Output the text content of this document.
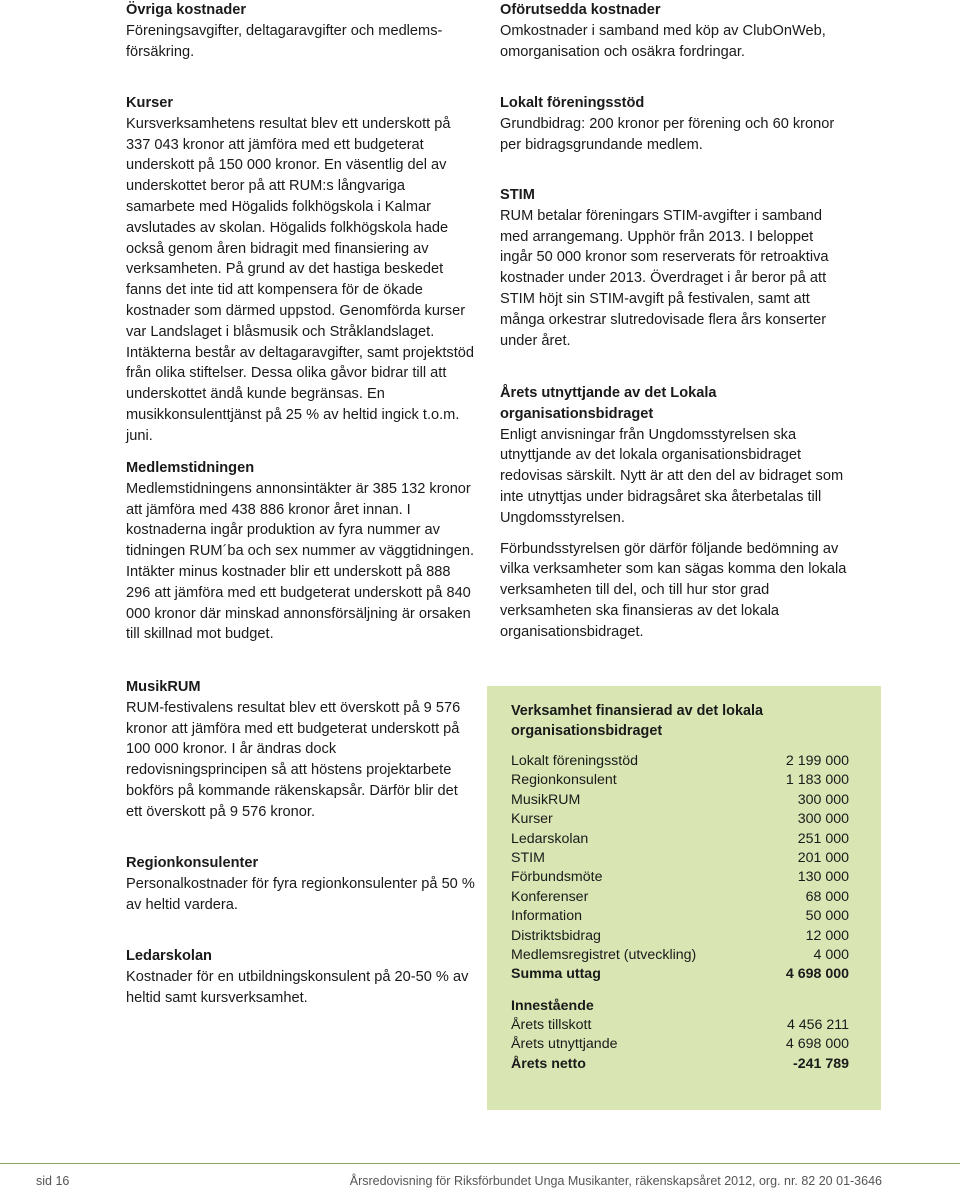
Övriga kostnader

Föreningsavgifter, deltagaravgifter och medlems-försäkring.

Kurser

Kursverksamhetens resultat blev ett underskott på 337 043 kronor att jämföra med ett budgeterat underskott på 150 000 kronor. En väsentlig del av underskottet beror på att RUM:s långvariga samarbete med Högalids folkhögskola i Kalmar avslutades av skolan. Högalids folkhögskola hade också genom åren bidragit med finansiering av verksamheten. På grund av det hastiga beskedet fanns det inte tid att kompensera för de ökade kostnader som därmed uppstod. Genomförda kurser var Landslaget i blåsmusik och Stråklandslaget. Intäkterna består av deltagaravgifter, samt projektstöd från olika stiftelser. Dessa olika gåvor bidrar till att underskottet ändå kunde begränsas. En musikkonsulenttjänst på 25 % av heltid ingick t.o.m. juni.

Medlemstidningen

Medlemstidningens annonsintäkter är 385 132 kronor att jämföra med 438 886 kronor året innan. I kostnaderna ingår produktion av fyra nummer av tidningen RUM´ba och sex nummer av väggtidningen. Intäkter minus kostnader blir ett underskott på 888 296 att jämföra med ett budgeterat underskott på 840 000 kronor där minskad annonsförsäljning är orsaken till skillnad mot budget.

MusikRUM

RUM-festivalens resultat blev ett överskott på 9 576 kronor att jämföra med ett budgeterat underskott på 100 000 kronor. I år ändras dock redovisningsprincipen så att höstens projektarbete bokförs på kommande räkenskapsår. Därför blir det ett överskott på 9 576 kronor.

Regionkonsulenter

Personalkostnader för fyra regionkonsulenter på 50 % av heltid vardera.

Ledarskolan

Kostnader för en utbildningskonsulent på 20-50 % av heltid samt kursverksamhet.

Oförutsedda kostnader

Omkostnader i samband med köp av ClubOnWeb, omorganisation och osäkra fordringar.

Lokalt föreningsstöd

Grundbidrag: 200 kronor per förening och 60 kronor per bidragsgrundande medlem.

STIM

RUM betalar föreningars STIM-avgifter i samband med arrangemang. Upphör från 2013. I beloppet ingår 50 000 kronor som reserverats för retroaktiva kostnader under 2013. Överdraget i år beror på att STIM höjt sin STIM-avgift på festivalen, samt att många orkestrar slutredovisade flera års konserter under året.

Årets utnyttjande av det Lokala organisationsbidraget

Enligt anvisningar från Ungdomsstyrelsen ska utnyttjande av det lokala organisationsbidraget redovisas särskilt. Nytt är att den del av bidraget som inte utnyttjas under bidragsåret ska återbetalas till Ungdomsstyrelsen.

Förbundsstyrelsen gör därför följande bedömning av vilka verksamheter som kan sägas komma den lokala verksamheten till del, och till hur stor grad verksamheten ska finansieras av det lokala organisationsbidraget.

Verksamhet finansierad av det lokala organisationsbidraget
Lokalt föreningsstöd	2 199 000
Regionkonsulent	1 183 000
MusikRUM	300 000
Kurser	300 000
Ledarskolan	251 000
STIM	201 000
Förbundsmöte	130 000
Konferenser	68 000
Information	50 000
Distriktsbidrag	12 000
Medlemsregistret (utveckling)	4 000
Summa uttag	4 698 000
Innestående
Årets tillskott	4 456 211
Årets utnyttjande	4 698 000
Årets netto	-241 789
sid 16	Årsredovisning för Riksförbundet Unga Musikanter, räkenskapsåret 2012, org. nr. 82 20 01-3646
